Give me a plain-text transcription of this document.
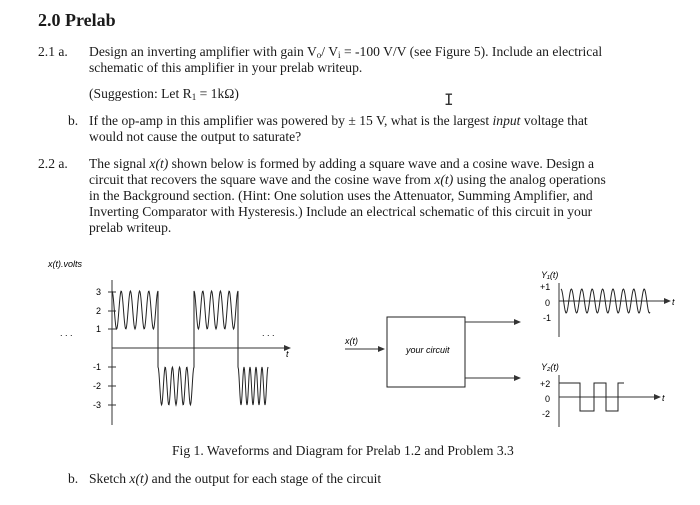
2.0 Prelab
2.1 a. Design an inverting amplifier with gain $V_o/$ $V_i = -100$ V/V (see Figure 5). Include an electrical
schematic of this amplifier in your prelab writeup.
(Suggestion: Let $R_1 = 1k\Omega$)	I
b. If the op-amp in this amplifier was powered by ± 15 V, what is the largest input voltage that
would not cause the output to saturate?
2.2 a. The signal x(t) shown below is formed by adding a square wave and a cosine wave. Design a
circuit that recovers the square wave and the cosine wave from x(t) using the analog operations
in the Background section. (Hint: One solution uses the Attenuator, Summing Amplifier, and
Inverting Comparator with Hysteresis.) Include an electrical schematic of this circuit in your
prelab writeup.
x(t).volts
t
. . .	. . .
3
2
1
-1
-2
-3
x(t)
your circuit
Y₁(t)
t
+1
0
-1
Y₂(t)
t
+2
0
-2
Fig 1. Waveforms and Diagram for Prelab 1.2 and Problem 3.3
b. Sketch x(t) and the output for each stage of the circuit
